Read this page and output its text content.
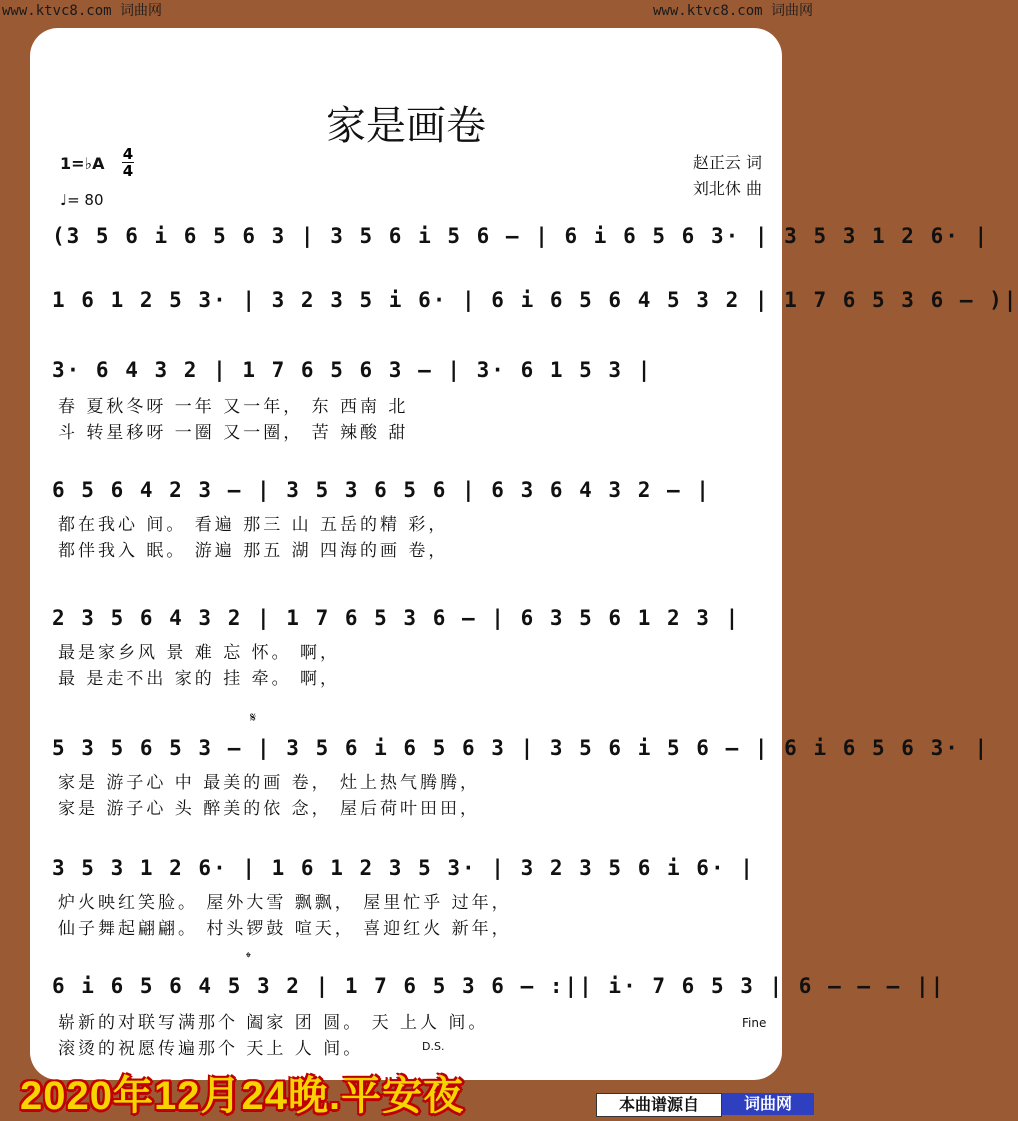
www.ktvc8.com 词曲网	www.ktvc8.com 词曲网
家是画卷
1=♭A 4
4
♩= 80
赵正云 词
刘北休 曲
(3 5 6 i 6 5 6 3 | 3 5 6 i 5 6 – | 6 i 6 5 6 3· | 3 5 3 1 2 6· |
1 6 1 2 5 3· | 3 2 3 5 i 6· | 6 i 6 5 6 4 5 3 2 | 1 7 6 5 3 6 – )|
3· 6 4 3 2 | 1 7 6 5 6 3 – | 3· 6 1 5 3 |
春 夏秋冬呀 一年 又一年， 东 西南 北
斗 转星移呀 一圈 又一圈， 苦 辣酸 甜
6 5 6 4 2 3 – | 3 5 3 6 5 6 | 6 3 6 4 3 2 – |
都在我心 间。 看遍 那三 山 五岳的精 彩，
都伴我入 眠。 游遍 那五 湖 四海的画 卷，
2 3 5 6 4 3 2 | 1 7 6 5 3 6 – | 6 3 5 6 1 2 3 |
最是家乡风 景 难 忘 怀。 啊，
最 是走不出 家的 挂 牵。 啊，
𝄋
5 3 5 6 5 3 – | 3 5 6 i 6 5 6 3 | 3 5 6 i 5 6 – | 6 i 6 5 6 3· |
家是 游子心 中 最美的画 卷， 灶上热气腾腾，
家是 游子心 头 醉美的依 念， 屋后荷叶田田，
3 5 3 1 2 6· | 1 6 1 2 3 5 3· | 3 2 3 5 6 i 6· |
炉火映红笑脸。 屋外大雪 飘飘， 屋里忙乎 过年，
仙子舞起翩翩。 村头锣鼓 喧天， 喜迎红火 新年，
𝄌
6 i 6 5 6 4 5 3 2 | 1 7 6 5 3 6 – :|| i· 7 6 5 3 | 6 – – – ||
崭新的对联写满那个 阖家 团 圆。 天 上人 间。
滚烫的祝愿传遍那个 天上 人 间。	D.S.
Fine
2020年12月24晚.平安夜	本曲谱源自	词曲网
